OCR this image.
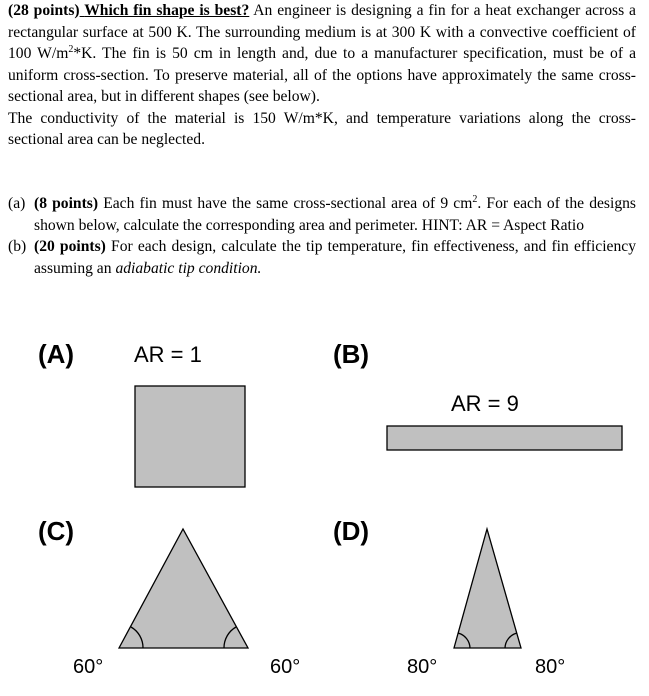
(28 points) Which fin shape is best? An engineer is designing a fin for a heat exchanger across a rectangular surface at 500 K. The surrounding medium is at 300 K with a convective coefficient of 100 $W/m^2*K$. The fin is 50 cm in length and, due to a manufacturer specification, must be of a uniform cross-section. To preserve material, all of the options have approximately the same cross-sectional area, but in different shapes (see below).

The conductivity of the material is 150 W/m*K, and temperature variations along the cross-sectional area can be neglected.

(a) (8 points) Each fin must have the same cross-sectional area of 9 $cm^2$. For each of the designs shown below, calculate the corresponding area and perimeter. HINT: AR = Aspect Ratio
(b) (20 points) For each design, calculate the tip temperature, fin effectiveness, and fin efficiency assuming an adiabatic tip condition.
(A)	AR = 1	(B)
AR = 9
(C)	(D)
60°	60°	80°	80°
